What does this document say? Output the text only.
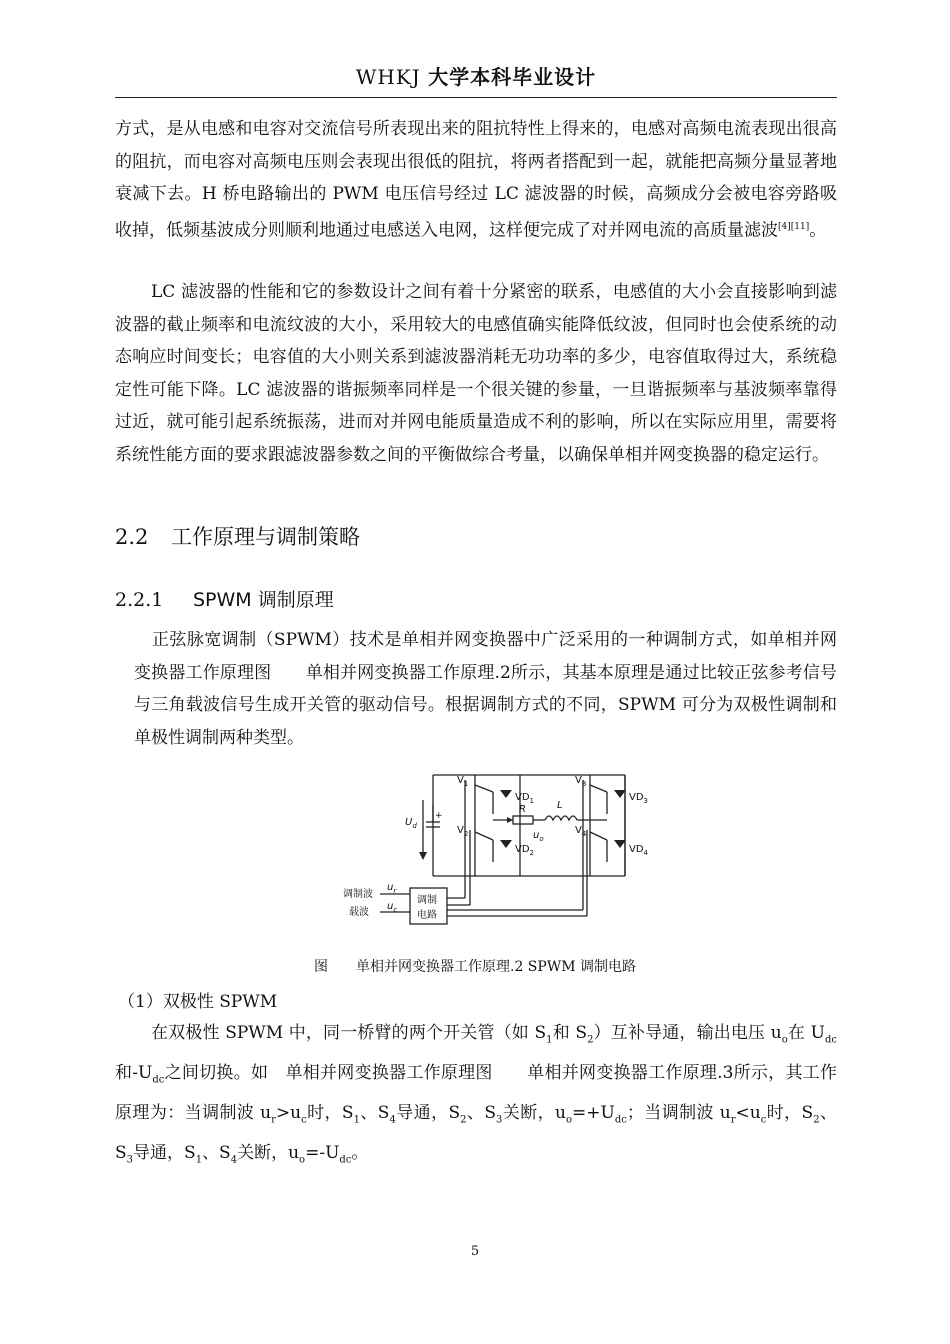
WHKJ 大学本科毕业设计

方式，是从电感和电容对交流信号所表现出来的阻抗特性上得来的，电感对高频电流表现出很高的阻抗，而电容对高频电压则会表现出很低的阻抗，将两者搭配到一起，就能把高频分量显著地衰减下去。H 桥电路输出的 PWM 电压信号经过 LC 滤波器的时候，高频成分会被电容旁路吸收掉，低频基波成分则顺利地通过电感送入电网，这样便完成了对并网电流的高质量滤波[4][11]。

LC 滤波器的性能和它的参数设计之间有着十分紧密的联系，电感值的大小会直接影响到滤波器的截止频率和电流纹波的大小，采用较大的电感值确实能降低纹波，但同时也会使系统的动态响应时间变长；电容值的大小则关系到滤波器消耗无功功率的多少，电容值取得过大，系统稳定性可能下降。LC 滤波器的谐振频率同样是一个很关键的参量，一旦谐振频率与基波频率靠得过近，就可能引起系统振荡，进而对并网电能质量造成不利的影响，所以在实际应用里，需要将系统性能方面的要求跟滤波器参数之间的平衡做综合考量，以确保单相并网变换器的稳定运行。

2.2 工作原理与调制策略
2.2.1 SPWM 调制原理

正弦脉宽调制（SPWM）技术是单相并网变换器中广泛采用的一种调制方式，如单相并网变换器工作原理图　　单相并网变换器工作原理.2所示，其基本原理是通过比较正弦参考信号与三角载波信号生成开关管的驱动信号。根据调制方式的不同，SPWM 可分为双极性调制和单极性调制两种类型。

$V_1$
$V_2$
$V_3$
$V_4$
$VD_1$
$VD_2$
$VD_3$
$VD_4$
$U_d$
+
R	L
$u_o$
调制波
载波
$u_r$
$u_c$
调制
电路
图　　单相并网变换器工作原理.2 SPWM 调制电路
（1）双极性 SPWM

在双极性 SPWM 中，同一桥臂的两个开关管（如 $S_1$和 $S_2$）互补导通，输出电压 $u_o$在 $U_{dc}$和$-U_{dc}$之间切换。如　单相并网变换器工作原理图　　单相并网变换器工作原理.3所示，其工作原理为：当调制波 $u_r>u_c$时，$S_1$、$S_4$导通，$S_2$、$S_3$关断，$u_o=+U_{dc}$；当调制波 $u_r<u_c$时，$S_2$、$S_3$导通，$S_1$、$S_4$关断，$u_o=-U_{dc}$。

5
